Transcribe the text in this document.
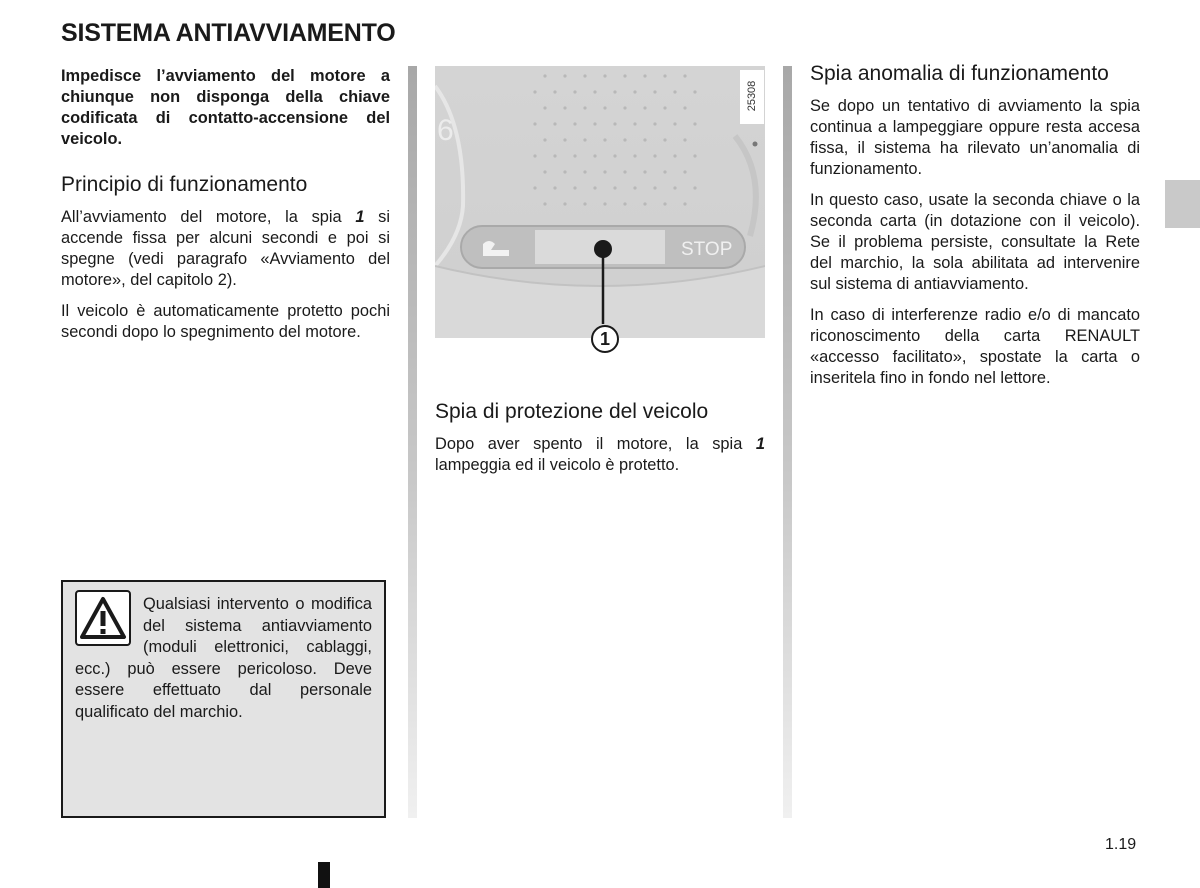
SISTEMA ANTIAVVIAMENTO

Impedisce l’avviamento del motore a chiunque non disponga della chiave codificata di contatto-accensione del veicolo.

Principio di funzionamento

All’avviamento del motore, la spia 1 si accende fissa per alcuni secondi e poi si spegne (vedi paragrafo «Avviamento del motore», del capitolo 2).

Il veicolo è automaticamente protetto pochi secondi dopo lo spegnimento del motore.

Qualsiasi intervento o modifica del sistema antiavviamento (moduli elettronici, cablaggi, ecc.) può essere pericoloso. Deve essere effettuato dal personale qualificato del marchio.

6
STOP
1
25308
Spia di protezione del veicolo

Dopo aver spento il motore, la spia 1 lampeggia ed il veicolo è protetto.

Spia anomalia di funzionamento

Se dopo un tentativo di avviamento la spia continua a lampeggiare oppure resta accesa fissa, il sistema ha rilevato un’anomalia di funzionamento.

In questo caso, usate la seconda chiave o la seconda carta (in dotazione con il veicolo). Se il problema persiste, consultate la Rete del marchio, la sola abilitata ad intervenire sul sistema di antiavviamento.

In caso di interferenze radio e/o di mancato riconoscimento della carta RENAULT «accesso facilitato», spostate la carta o inseritela fino in fondo nel lettore.

1.19
